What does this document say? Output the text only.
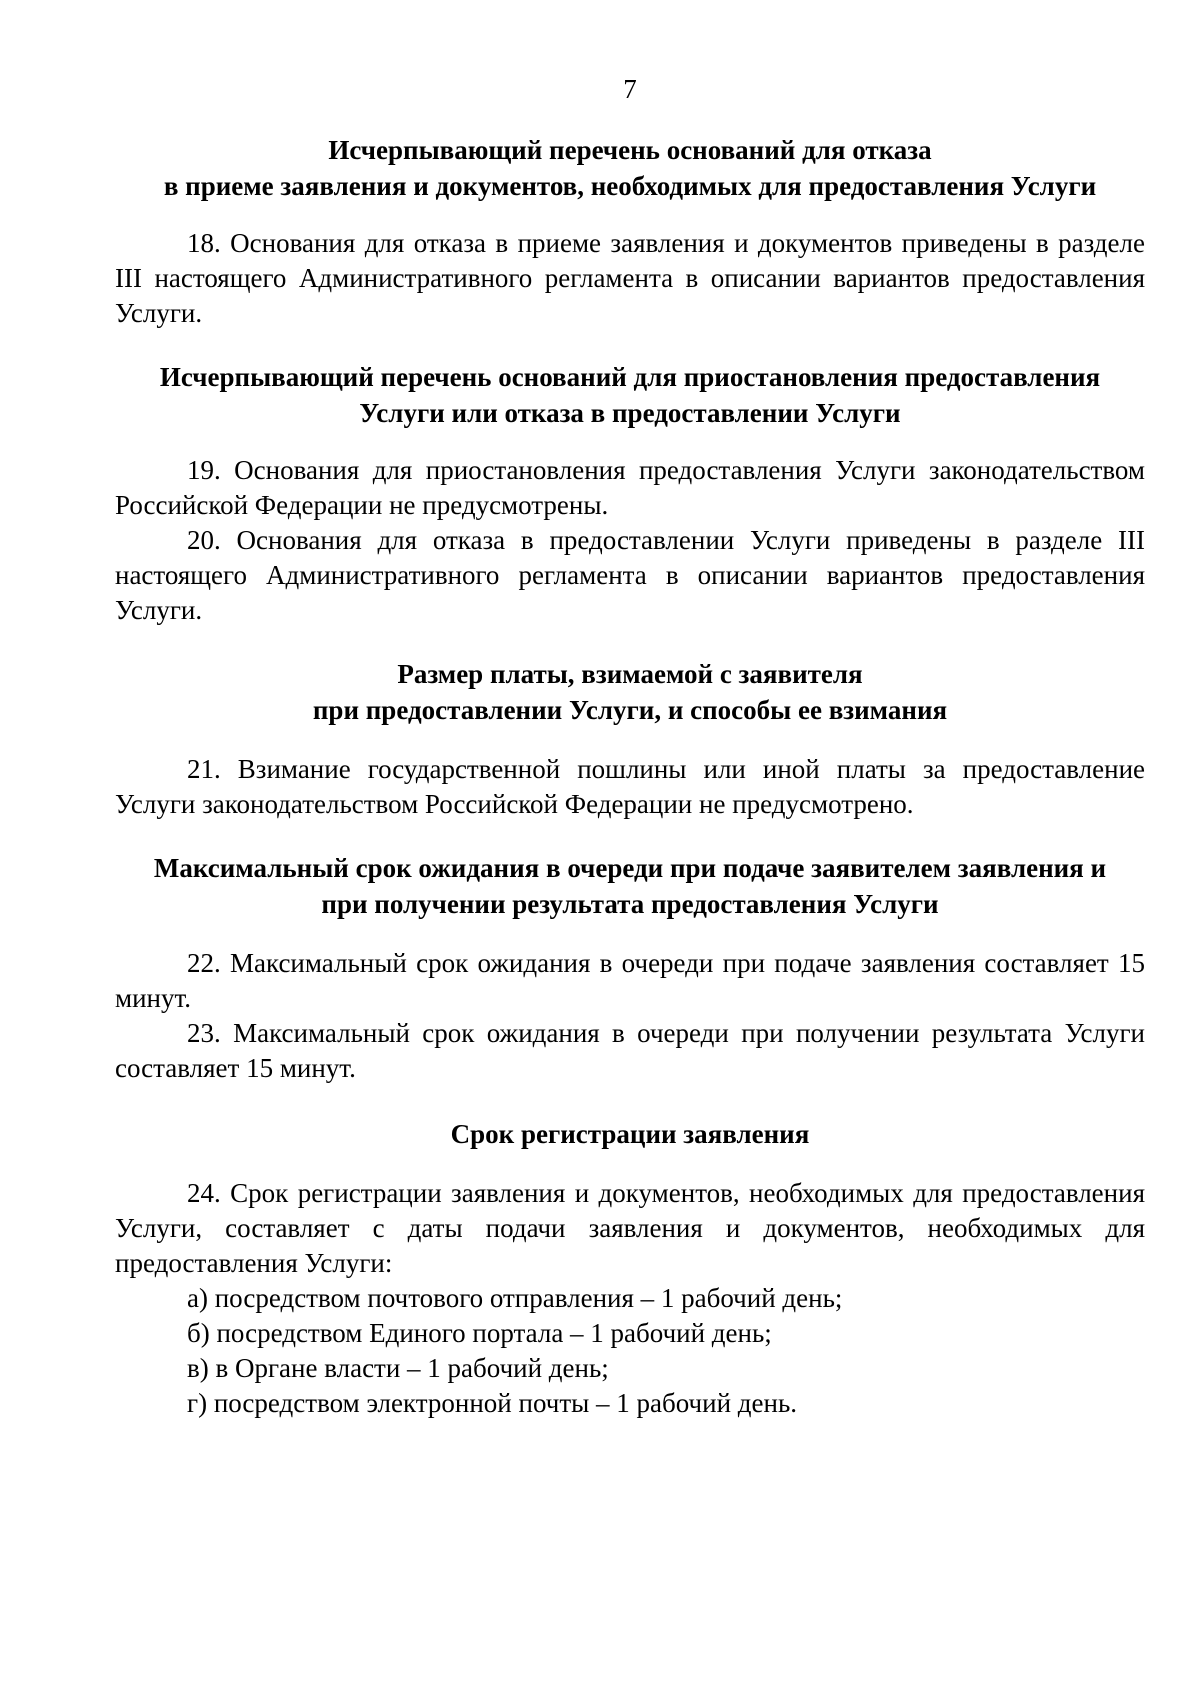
7
Исчерпывающий перечень оснований для отказа
в приеме заявления и документов, необходимых для предоставления Услуги

18. Основания для отказа в приеме заявления и документов приведены в разделе III настоящего Административного регламента в описании вариантов предоставления Услуги.

Исчерпывающий перечень оснований для приостановления предоставления
Услуги или отказа в предоставлении Услуги

19. Основания для приостановления предоставления Услуги законодательством Российской Федерации не предусмотрены.

20. Основания для отказа в предоставлении Услуги приведены в разделе III настоящего Административного регламента в описании вариантов предоставления Услуги.

Размер платы, взимаемой с заявителя
при предоставлении Услуги, и способы ее взимания

21. Взимание государственной пошлины или иной платы за предоставление Услуги законодательством Российской Федерации не предусмотрено.

Максимальный срок ожидания в очереди при подаче заявителем заявления и
при получении результата предоставления Услуги

22. Максимальный срок ожидания в очереди при подаче заявления составляет 15 минут.

23. Максимальный срок ожидания в очереди при получении результата Услуги составляет 15 минут.

Срок регистрации заявления

24. Срок регистрации заявления и документов, необходимых для предоставления Услуги, составляет с даты подачи заявления и документов, необходимых для предоставления Услуги:

а) посредством почтового отправления – 1 рабочий день;

б) посредством Единого портала – 1 рабочий день;

в) в Органе власти – 1 рабочий день;

г) посредством электронной почты – 1 рабочий день.
